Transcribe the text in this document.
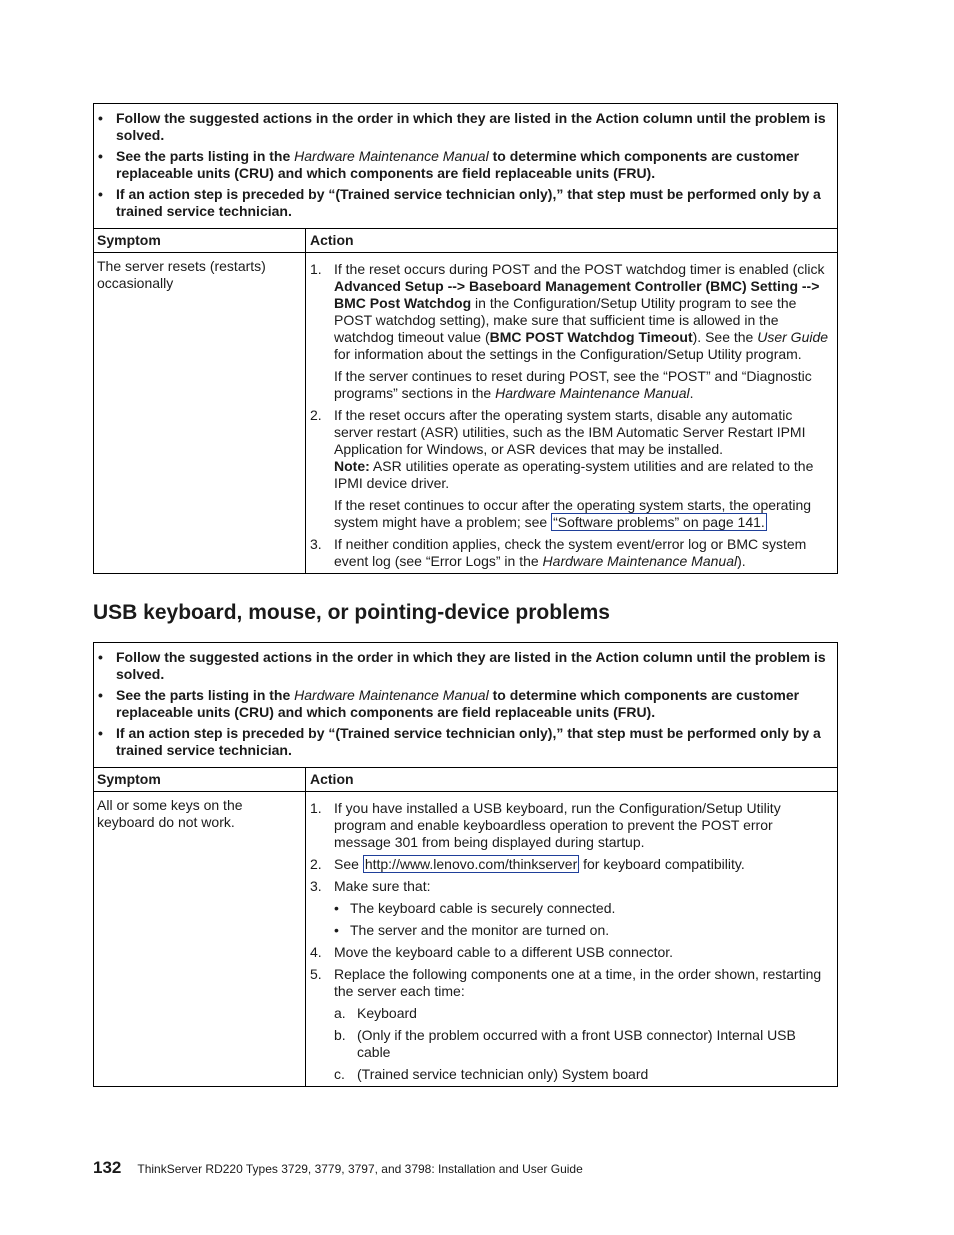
• Follow the suggested actions in the order in which they are listed in the Action column until the problem is solved.
• See the parts listing in the Hardware Maintenance Manual to determine which components are customer replaceable units (CRU) and which components are field replaceable units (FRU).
• If an action step is preceded by “(Trained service technician only),” that step must be performed only by a trained service technician.
Symptom	Action
The server resets (restarts) occasionally
1. If the reset occurs during POST and the POST watchdog timer is enabled (click Advanced Setup --> Baseboard Management Controller (BMC) Setting --> BMC Post Watchdog in the Configuration/Setup Utility program to see the POST watchdog setting), make sure that sufficient time is allowed in the watchdog timeout value (BMC POST Watchdog Timeout). See the User Guide for information about the settings in the Configuration/Setup Utility program.
If the server continues to reset during POST, see the “POST” and “Diagnostic programs” sections in the Hardware Maintenance Manual.
2. If the reset occurs after the operating system starts, disable any automatic server restart (ASR) utilities, such as the IBM Automatic Server Restart IPMI Application for Windows, or ASR devices that may be installed.
Note: ASR utilities operate as operating-system utilities and are related to the IPMI device driver.
If the reset continues to occur after the operating system starts, the operating system might have a problem; see “Software problems” on page 141.
3. If neither condition applies, check the system event/error log or BMC system event log (see “Error Logs” in the Hardware Maintenance Manual).
USB keyboard, mouse, or pointing-device problems
• Follow the suggested actions in the order in which they are listed in the Action column until the problem is solved.
• See the parts listing in the Hardware Maintenance Manual to determine which components are customer replaceable units (CRU) and which components are field replaceable units (FRU).
• If an action step is preceded by “(Trained service technician only),” that step must be performed only by a trained service technician.
Symptom	Action
All or some keys on the keyboard do not work.
1. If you have installed a USB keyboard, run the Configuration/Setup Utility program and enable keyboardless operation to prevent the POST error message 301 from being displayed during startup.
2. See http://www.lenovo.com/thinkserver for keyboard compatibility.
3. Make sure that:
• The keyboard cable is securely connected.
• The server and the monitor are turned on.
4. Move the keyboard cable to a different USB connector.
5. Replace the following components one at a time, in the order shown, restarting the server each time:
a. Keyboard
b. (Only if the problem occurred with a front USB connector) Internal USB cable
c. (Trained service technician only) System board
132 ThinkServer RD220 Types 3729, 3779, 3797, and 3798: Installation and User Guide
